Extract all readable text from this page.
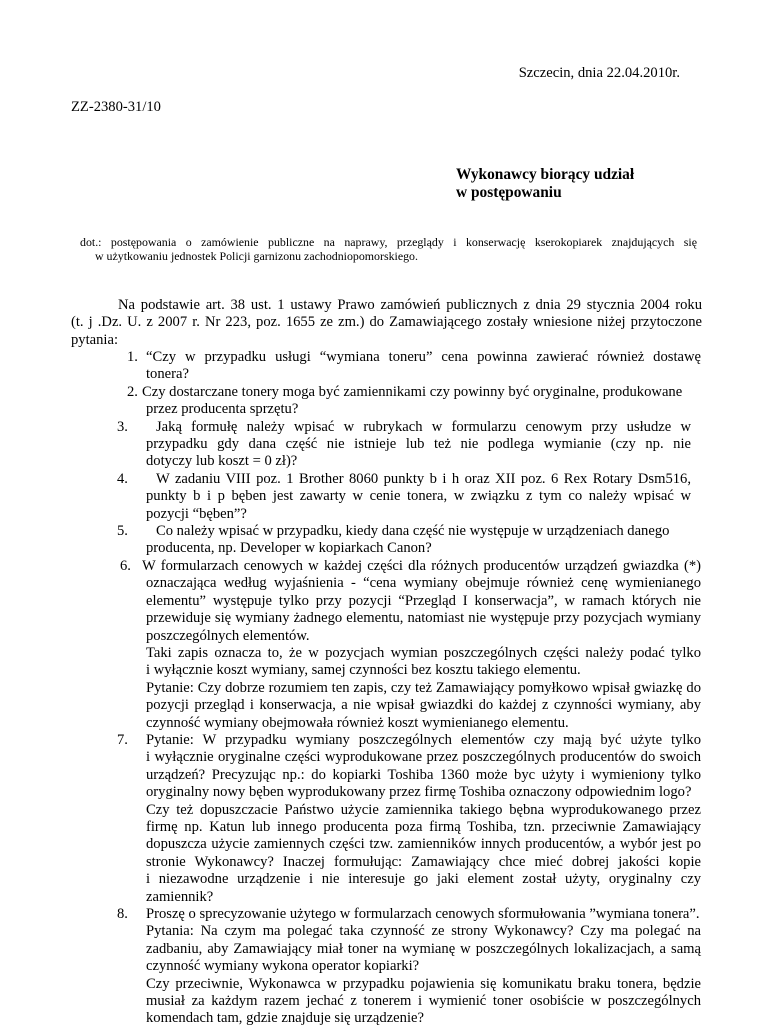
Szczecin, dnia 22.04.2010r.
ZZ-2380-31/10
Wykonawcy biorący udział
w postępowaniu
dot.: postępowania o zamówienie publiczne na naprawy, przeglądy i konserwację kserokopiarek znajdujących się
w użytkowaniu jednostek Policji garnizonu zachodniopomorskiego.
Na podstawie art. 38 ust. 1 ustawy Prawo zamówień publicznych z dnia 29 stycznia 2004 roku
(t. j .Dz. U. z 2007 r. Nr 223, poz. 1655 ze zm.) do Zamawiającego zostały wniesione niżej przytoczone
pytania:
1. “Czy w przypadku usługi “wymiana toneru” cena powinna zawierać również dostawę
tonera?
2. Czy dostarczane tonery moga być zamiennikami czy powinny być oryginalne, produkowane
przez producenta sprzętu?
3.	Jaką formułę należy wpisać w rubrykach w formularzu cenowym przy usłudze w
przypadku gdy dana część nie istnieje lub też nie podlega wymianie (czy np. nie
dotyczy lub koszt = 0 zł)?
4.	W zadaniu VIII poz. 1 Brother 8060 punkty b i h oraz XII poz. 6 Rex Rotary Dsm516,
punkty b i p bęben jest zawarty w cenie tonera, w związku z tym co należy wpisać w
pozycji “bęben”?
5.	Co należy wpisać w przypadku, kiedy dana część nie występuje w urządzeniach danego
producenta, np. Developer w kopiarkach Canon?
6. W formularzach cenowych w każdej części dla różnych producentów urządzeń gwiazdka (*)
oznaczająca według wyjaśnienia - “cena wymiany obejmuje również cenę wymienianego
elementu” występuje tylko przy pozycji “Przegląd I konserwacja”, w ramach których nie
przewiduje się wymiany żadnego elementu, natomiast nie występuje przy pozycjach wymiany
poszczególnych elementów.
Taki zapis oznacza to, że w pozycjach wymian poszczególnych części należy podać tylko
i wyłącznie koszt wymiany, samej czynności bez kosztu takiego elementu.
Pytanie: Czy dobrze rozumiem ten zapis, czy też Zamawiający pomyłkowo wpisał gwiazkę do
pozycji przegląd i konserwacja, a nie wpisał gwiazdki do każdej z czynności wymiany, aby
czynność wymiany obejmowała również koszt wymienianego elementu.
7. Pytanie: W przypadku wymiany poszczególnych elementów czy mają być użyte tylko
i wyłącznie oryginalne części wyprodukowane przez poszczególnych producentów do swoich
urządzeń? Precyzując np.: do kopiarki Toshiba 1360 może byc użyty i wymieniony tylko
oryginalny nowy bęben wyprodukowany przez firmę Toshiba oznaczony odpowiednim logo?
Czy też dopuszczacie Państwo użycie zamiennika takiego bębna wyprodukowanego przez
firmę np. Katun lub innego producenta poza firmą Toshiba, tzn. przeciwnie Zamawiający
dopuszcza użycie zamiennych części tzw. zamienników innych producentów, a wybór jest po
stronie Wykonawcy? Inaczej formułując: Zamawiający chce mieć dobrej jakości kopie
i niezawodne urządzenie i nie interesuje go jaki element został użyty, oryginalny czy
zamiennik?
8. Proszę o sprecyzowanie użytego w formularzach cenowych sformułowania ”wymiana tonera”.
Pytania: Na czym ma polegać taka czynność ze strony Wykonawcy? Czy ma polegać na
zadbaniu, aby Zamawiający miał toner na wymianę w poszczególnych lokalizacjach, a samą
czynność wymiany wykona operator kopiarki?
Czy przeciwnie, Wykonawca w przypadku pojawienia się komunikatu braku tonera, będzie
musiał za każdym razem jechać z tonerem i wymienić toner osobiście w poszczególnych
komendach tam, gdzie znajduje się urządzenie?
